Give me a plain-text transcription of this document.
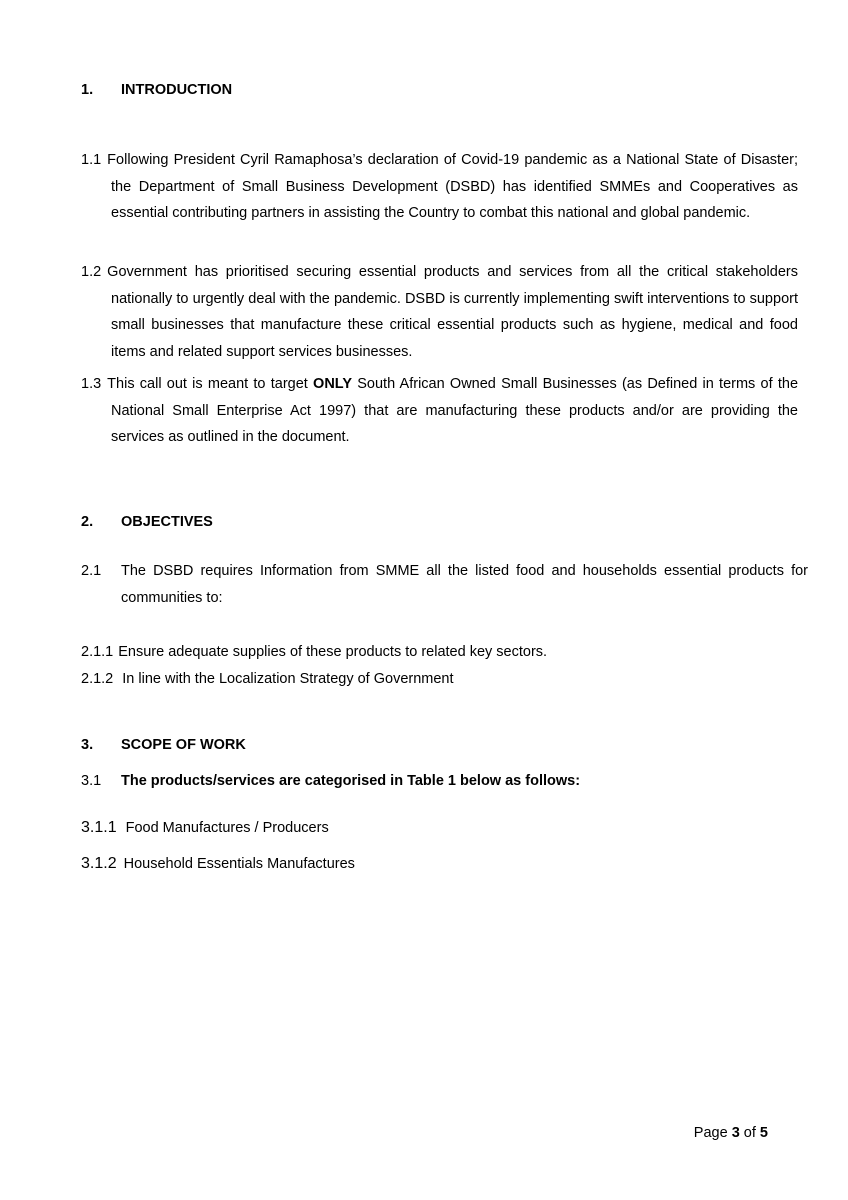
1. INTRODUCTION
1.1 Following President Cyril Ramaphosa’s declaration of Covid-19 pandemic as a National State of Disaster; the Department of Small Business Development (DSBD) has identified SMMEs and Cooperatives as essential contributing partners in assisting the Country to combat this national and global pandemic.
1.2 Government has prioritised securing essential products and services from all the critical stakeholders nationally to urgently deal with the pandemic. DSBD is currently implementing swift interventions to support small businesses that manufacture these critical essential products such as hygiene, medical and food items and related support services businesses.
1.3 This call out is meant to target ONLY South African Owned Small Businesses (as Defined in terms of the National Small Enterprise Act 1997) that are manufacturing these products and/or are providing the services as outlined in the document.
2. OBJECTIVES
2.1 The DSBD requires Information from SMME all the listed food and households essential products for communities to:
2.1.1 Ensure adequate supplies of these products to related key sectors.
2.1.2 In line with the Localization Strategy of Government
3. SCOPE OF WORK
3.1 The products/services are categorised in Table 1 below as follows:
3.1.1 Food Manufactures / Producers
3.1.2 Household Essentials Manufactures
Page 3 of 5
